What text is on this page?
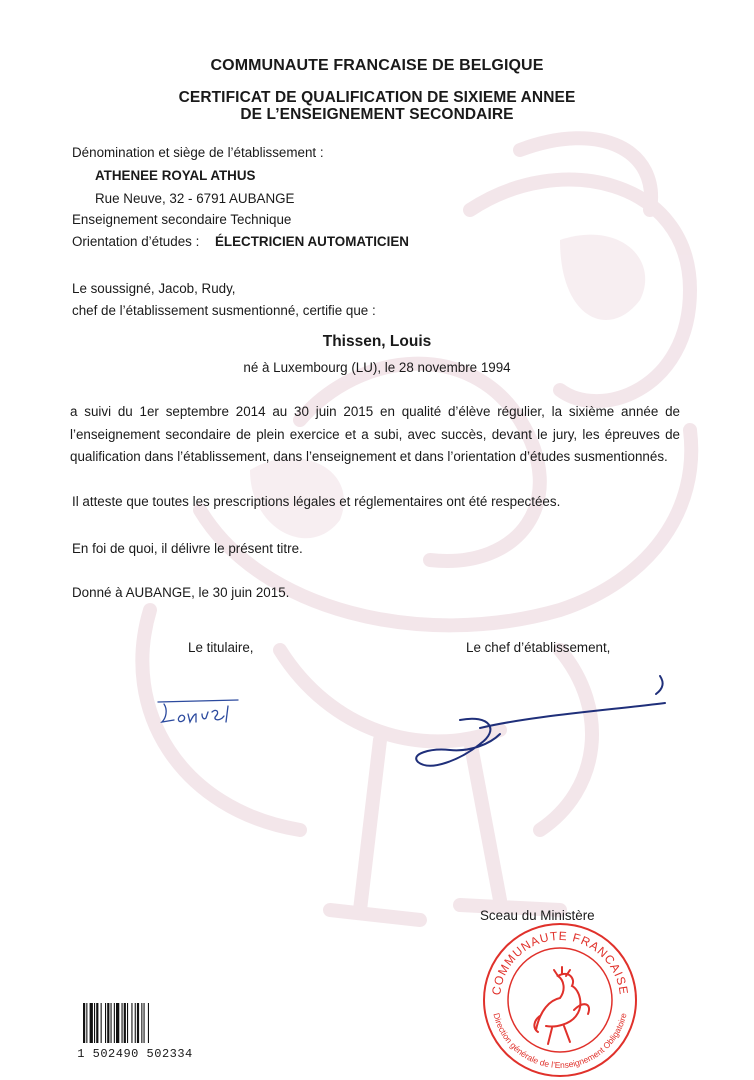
COMMUNAUTE FRANCAISE DE BELGIQUE
CERTIFICAT DE QUALIFICATION DE SIXIEME ANNEE
DE L’ENSEIGNEMENT SECONDAIRE
Dénomination et siège de l’établissement :
ATHENEE ROYAL ATHUS
Rue Neuve, 32 - 6791 AUBANGE
Enseignement secondaire Technique
Orientation d’études : ÉLECTRICIEN AUTOMATICIEN
Le soussigné, Jacob, Rudy,
chef de l’établissement susmentionné, certifie que :
Thissen, Louis
né à Luxembourg (LU), le 28 novembre 1994
a suivi du 1er septembre 2014 au 30 juin 2015 en qualité d’élève régulier, la sixième année de l’enseignement secondaire de plein exercice et a subi, avec succès, devant le jury, les épreuves de qualification dans l’établissement, dans l’enseignement et dans l’orientation d’études susmentionnés.
Il atteste que toutes les prescriptions légales et réglementaires ont été respectées.
En foi de quoi, il délivre le présent titre.
Donné à AUBANGE, le 30 juin 2015.
Le titulaire,	Le chef d’établissement,
Sceau du Ministère
COMMUNAUTE FRANCAISE
Direction générale de l’Enseignement Obligatoire
1 502490 502334
